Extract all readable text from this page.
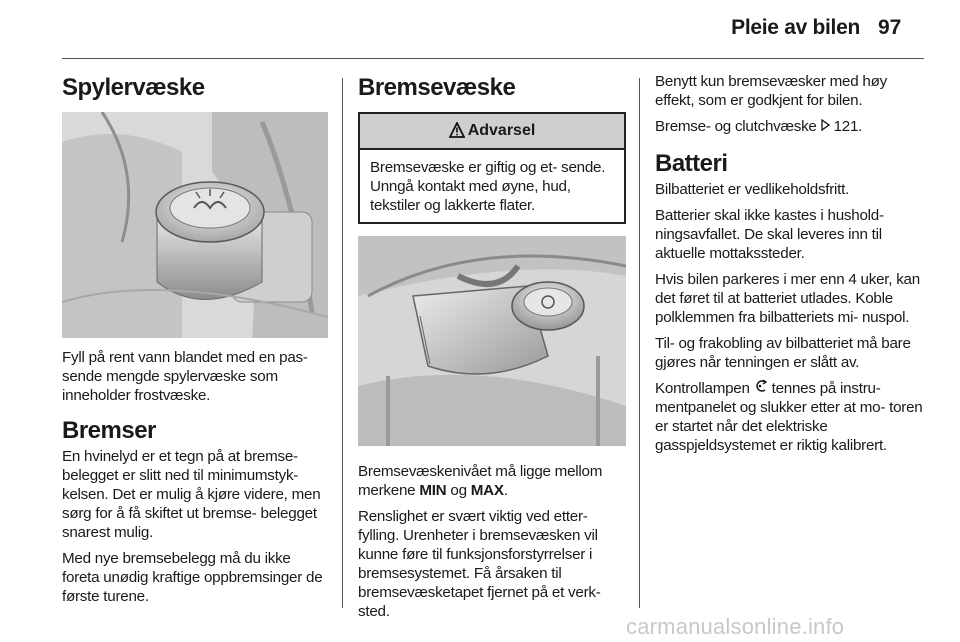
Pleie av bilen 97
Spylervæske

Fyll på rent vann blandet med en pas- sende mengde spylervæske som inneholder frostvæske.

Bremser

En hvinelyd er et tegn på at bremse- belegget er slitt ned til minimumstyk- kelsen. Det er mulig å kjøre videre, men sørg for å få skiftet ut bremse- belegget snarest mulig.

Med nye bremsebelegg må du ikke foreta unødig kraftige oppbremsinger de første turene.

Bremsevæske
Advarsel
Bremsevæske er giftig og et- sende. Unngå kontakt med øyne, hud, tekstiler og lakkerte flater.

Bremsevæskenivået må ligge mellom merkene MIN og MAX.

Renslighet er svært viktig ved etter- fylling. Urenheter i bremsevæsken vil kunne føre til funksjonsforstyrrelser i bremsesystemet. Få årsaken til bremsevæsketapet fjernet på et verk- sted.

Benytt kun bremsevæsker med høy effekt, som er godkjent for bilen.

Bremse- og clutchvæske  121.

Batteri

Bilbatteriet er vedlikeholdsfritt.

Batterier skal ikke kastes i hushold- ningsavfallet. De skal leveres inn til aktuelle mottakssteder.

Hvis bilen parkeres i mer enn 4 uker, kan det føret til at batteriet utlades. Koble polklemmen fra bilbatteriets mi- nuspol.

Til- og frakobling av bilbatteriet må bare gjøres når tenningen er slått av.

Kontrollampen  tennes på instru- mentpanelet og slukker etter at mo- toren er startet når det elektriske gasspjeldsystemet er riktig kalibrert.

carmanualsonline.info
